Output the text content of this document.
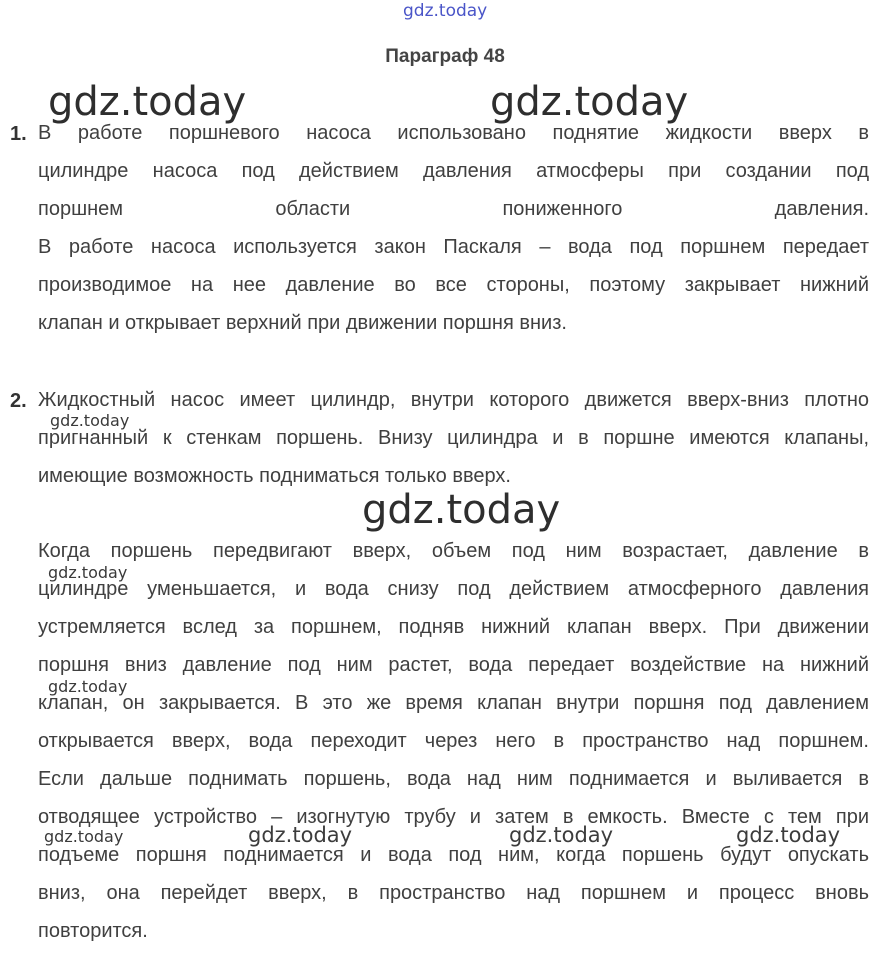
gdz.today
gdz.today	gdz.today
gdz.today
gdz.today
gdz.today
gdz.today
gdz.today	gdz.today	gdz.today	gdz.today
Параграф 48
1. В работе поршневого насоса использовано поднятие жидкости вверх в
цилиндре насоса под действием давления атмосферы при создании под
поршнем области пониженного давления.
В работе насоса используется закон Паскаля – вода под поршнем передает
производимое на нее давление во все стороны, поэтому закрывает нижний
клапан и открывает верхний при движении поршня вниз.
2. Жидкостный насос имеет цилиндр, внутри которого движется вверх-вниз плотно
пригнанный к стенкам поршень. Внизу цилиндра и в поршне имеются клапаны,
имеющие возможность подниматься только вверх.
Когда поршень передвигают вверх, объем под ним возрастает, давление в
цилиндре уменьшается, и вода снизу под действием атмосферного давления
устремляется вслед за поршнем, подняв нижний клапан вверх. При движении
поршня вниз давление под ним растет, вода передает воздействие на нижний
клапан, он закрывается. В это же время клапан внутри поршня под давлением
открывается вверх, вода переходит через него в пространство над поршнем.
Если дальше поднимать поршень, вода над ним поднимается и выливается в
отводящее устройство – изогнутую трубу и затем в емкость. Вместе с тем при
подъеме поршня поднимается и вода под ним, когда поршень будут опускать
вниз, она перейдет вверх, в пространство над поршнем и процесс вновь
повторится.
